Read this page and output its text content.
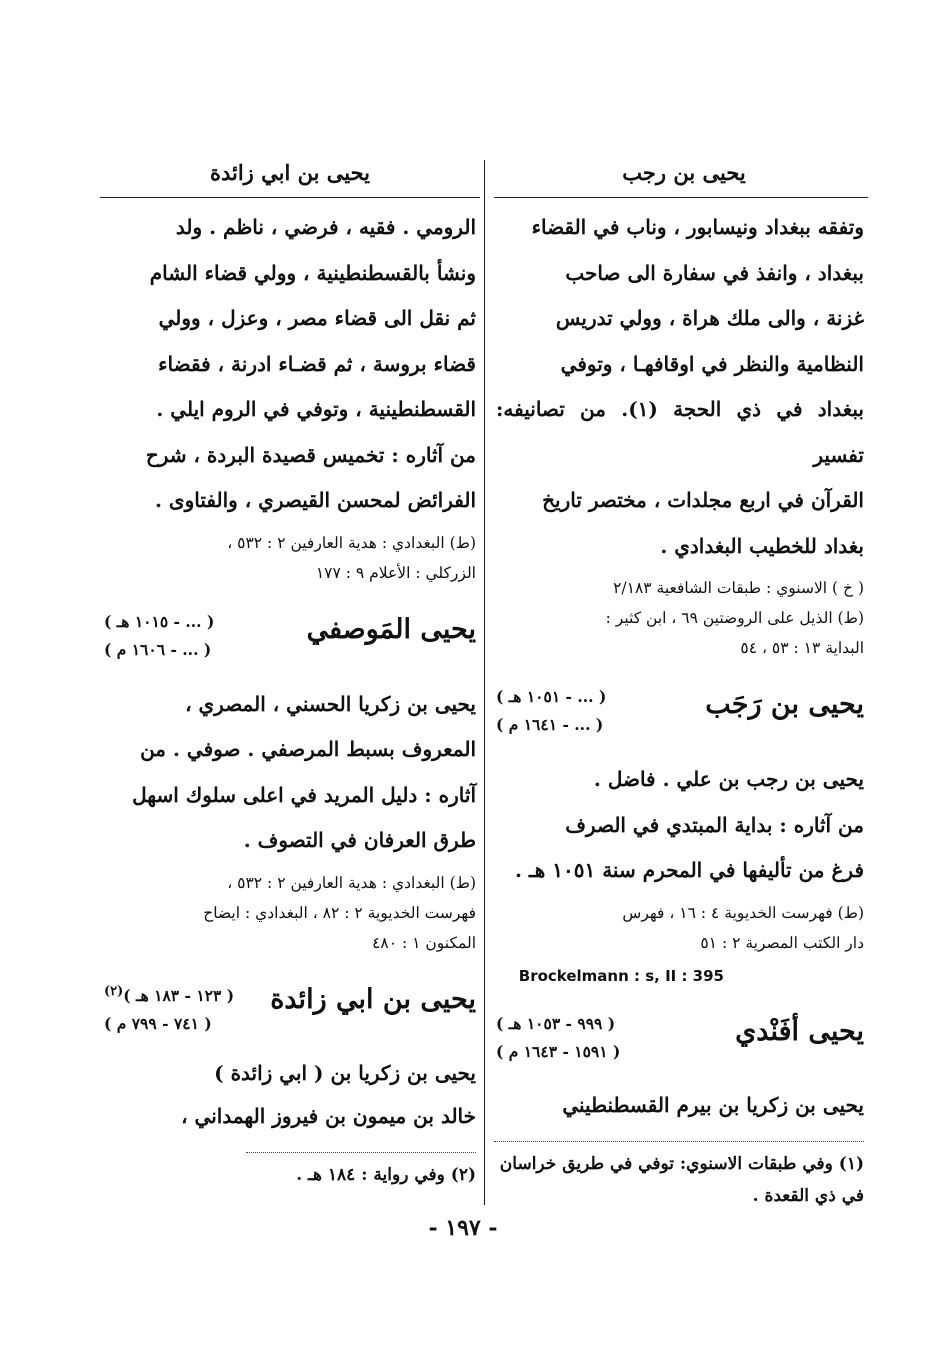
يحيى بن رجب
يحيى بن ابي زائدة

وتفقه ببغداد ونيسابور ، وناب في القضاء
ببغداد ، وانفذ في سفارة الى صاحب
غزنة ، والى ملك هراة ، وولي تدريس
النظامية والنظر في اوقافهـا ، وتوفي
ببغداد في ذي الحجة (١). من تصانيفه: تفسير
القرآن في اربع مجلدات ، مختصر تاريخ
بغداد للخطيب البغدادي .

( خ ) الاسنوي : طبقات الشافعية ٢/١٨٣
(ط) الذيل على الروضتين ٦٩ ، ابن كثير :
البداية ١٣ : ٥٣ ، ٥٤

يحيى بن رَجَب
( ... - ١٠٥١ هـ )
( ... - ١٦٤١ م )

يحيى بن رجب بن علي . فاضل .
من آثاره : بداية المبتدي في الصرف
فرغ من تأليفها في المحرم سنة ١٠٥١ هـ .

(ط) فهرست الخديوية ٤ : ١٦ ، فهرس
دار الكتب المصرية ٢ : ٥١

Brockelmann : s, II : 395

يحيى أفَنْدي
( ٩٩٩ - ١٠٥٣ هـ )
( ١٥٩١ - ١٦٤٣ م )

يحيى بن زكريا بن بيرم القسطنطيني

(١) وفي طبقات الاسنوي: توفي في طريق خراسان
في ذي القعدة .

الرومي . فقيه ، فرضي ، ناظم . ولد
ونشأ بالقسطنطينية ، وولي قضاء الشام
ثم نقل الى قضاء مصر ، وعزل ، وولي
قضاء بروسة ، ثم قضـاء ادرنة ، فقضاء
القسطنطينية ، وتوفي في الروم ايلي .
من آثاره : تخميس قصيدة البردة ، شرح
الفرائض لمحسن القيصري ، والفتاوى .

(ط) البغدادي : هدية العارفين ٢ : ٥٣٢ ،
الزركلي : الأعلام ٩ : ١٧٧

يحيى المَوصفي
( ... - ١٠١٥ هـ )
( ... - ١٦٠٦ م )

يحيى بن زكريا الحسني ، المصري ،
المعروف بسبط المرصفي . صوفي . من
آثاره : دليل المريد في اعلى سلوك اسهل
طرق العرفان في التصوف .

(ط) البغدادي : هدية العارفين ٢ : ٥٣٢ ،
فهرست الخديوية ٢ : ٨٢ ، البغدادي : ايضاح
المكنون ١ : ٤٨٠

يحيى بن ابي زائدة
( ١٢٣ - ١٨٣ هـ )$^{(٢)}$
( ٧٤١ - ٧٩٩ م )

يحيى بن زكريا بن ( ابي زائدة )
خالد بن ميمون بن فيروز الهمداني ،

(٢) وفي رواية : ١٨٤ هـ .

- ١٩٧ -
